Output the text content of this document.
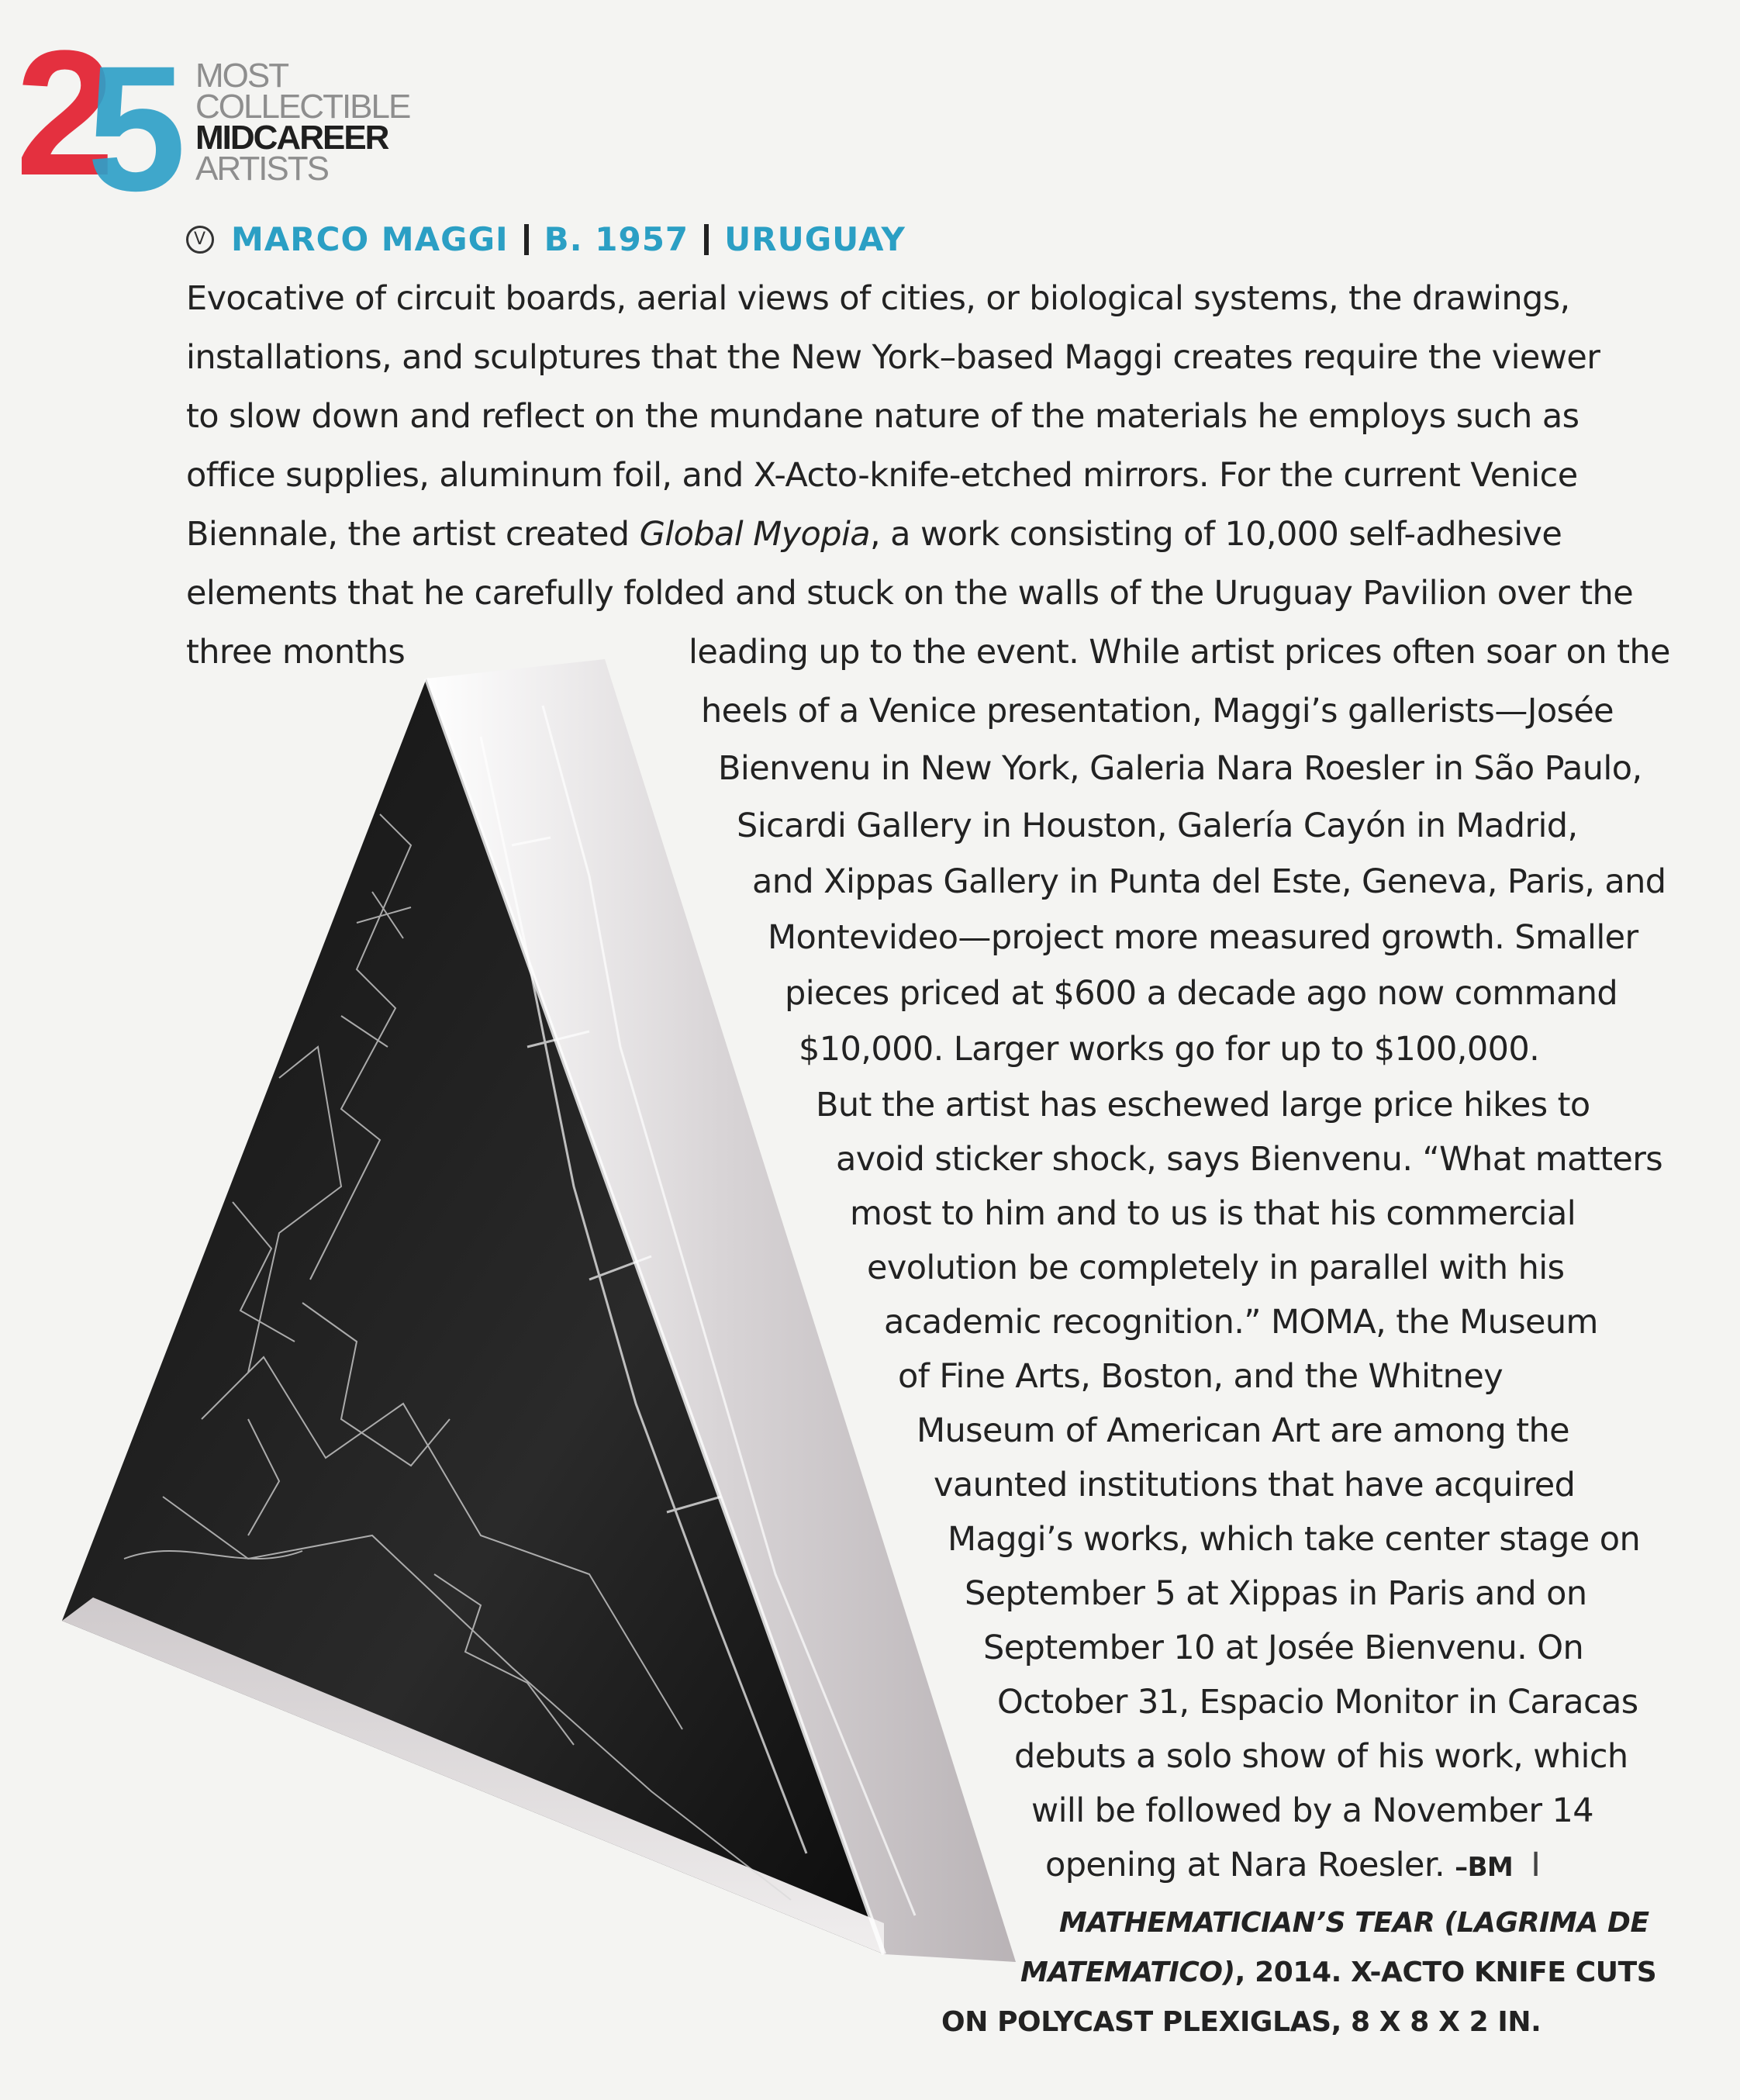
2
5 MOST
COLLECTIBLE
MIDCAREER
ARTISTS
V MARCO MAGGI B. 1957 URUGUAY
Evocative of circuit boards, aerial views of cities, or biological systems, the drawings,
installations, and sculptures that the New York–based Maggi creates require the viewer
to slow down and reflect on the mundane nature of the materials he employs such as
office supplies, aluminum foil, and X-Acto-knife-etched mirrors. For the current Venice
Biennale, the artist created Global Myopia, a work consisting of 10,000 self-adhesive
elements that he carefully folded and stuck on the walls of the Uruguay Pavilion over the
three months	leading up to the event. While artist prices often soar on the
heels of a Venice presentation, Maggi’s gallerists—Josée
Bienvenu in New York, Galeria Nara Roesler in São Paulo,
Sicardi Gallery in Houston, Galería Cayón in Madrid,
and Xippas Gallery in Punta del Este, Geneva, Paris, and
Montevideo—project more measured growth. Smaller
pieces priced at $600 a decade ago now command
$10,000. Larger works go for up to $100,000.
But the artist has eschewed large price hikes to
avoid sticker shock, says Bienvenu. “What matters
most to him and to us is that his commercial
evolution be completely in parallel with his
academic recognition.” MOMA, the Museum
of Fine Arts, Boston, and the Whitney
Museum of American Art are among the
vaunted institutions that have acquired
Maggi’s works, which take center stage on
September 5 at Xippas in Paris and on
September 10 at Josée Bienvenu. On
October 31, Espacio Monitor in Caracas
debuts a solo show of his work, which
will be followed by a November 14
opening at Nara Roesler. –BM I
MATHEMATICIAN’S TEAR (LAGRIMA DE
MATEMATICO), 2014. X-ACTO KNIFE CUTS
ON POLYCAST PLEXIGLAS, 8 X 8 X 2 IN.
